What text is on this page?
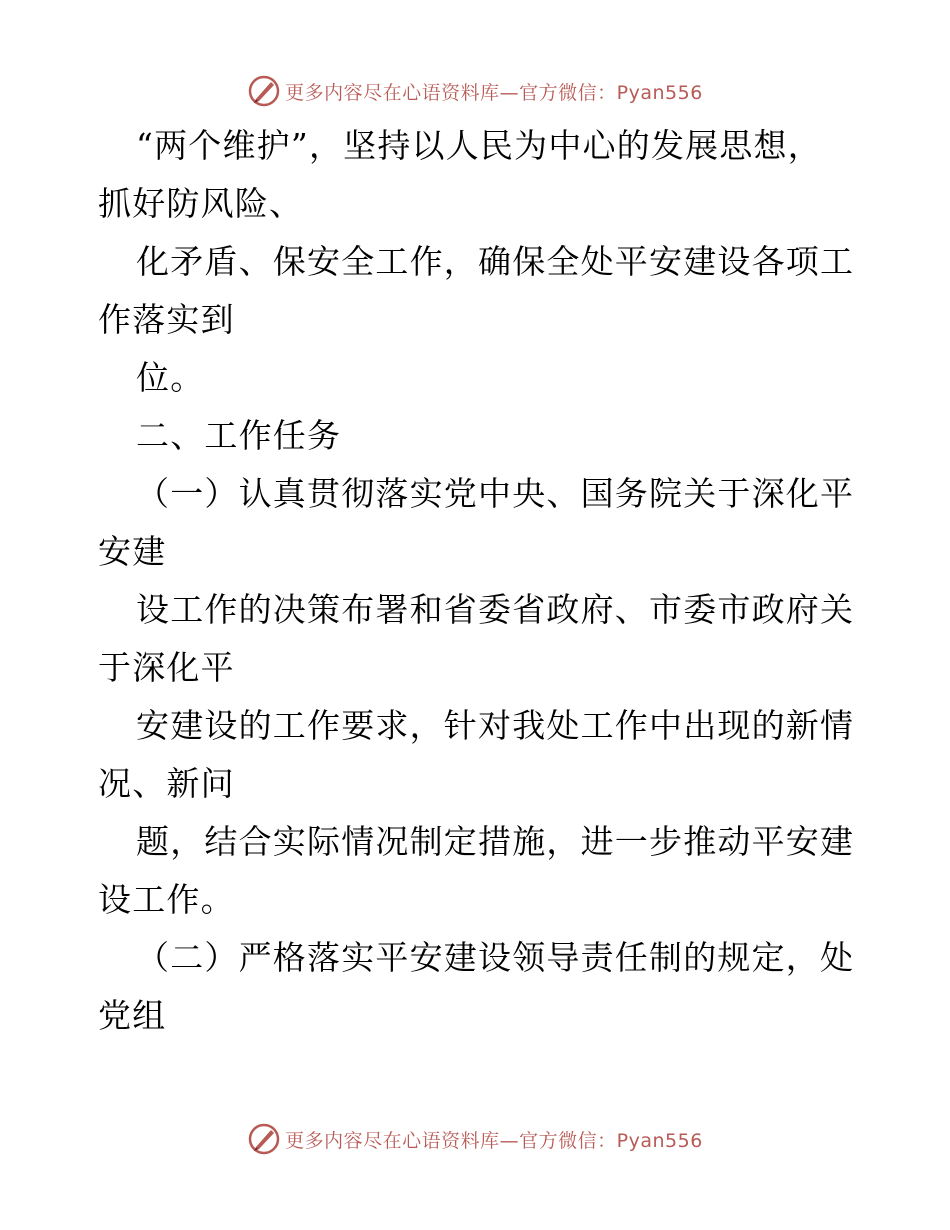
更多内容尽在心语资料库—官方微信：Pyan556
“两个维护”，坚持以人民为中心的发展思想，
抓好防风险、
化矛盾、保安全工作，确保全处平安建设各项工
作落实到
位。
二、工作任务
（一）认真贯彻落实党中央、国务院关于深化平
安建
设工作的决策布署和省委省政府、市委市政府关
于深化平
安建设的工作要求，针对我处工作中出现的新情
况、新问
题，结合实际情况制定措施，进一步推动平安建
设工作。
（二）严格落实平安建设领导责任制的规定，处
党组
更多内容尽在心语资料库—官方微信：Pyan556
